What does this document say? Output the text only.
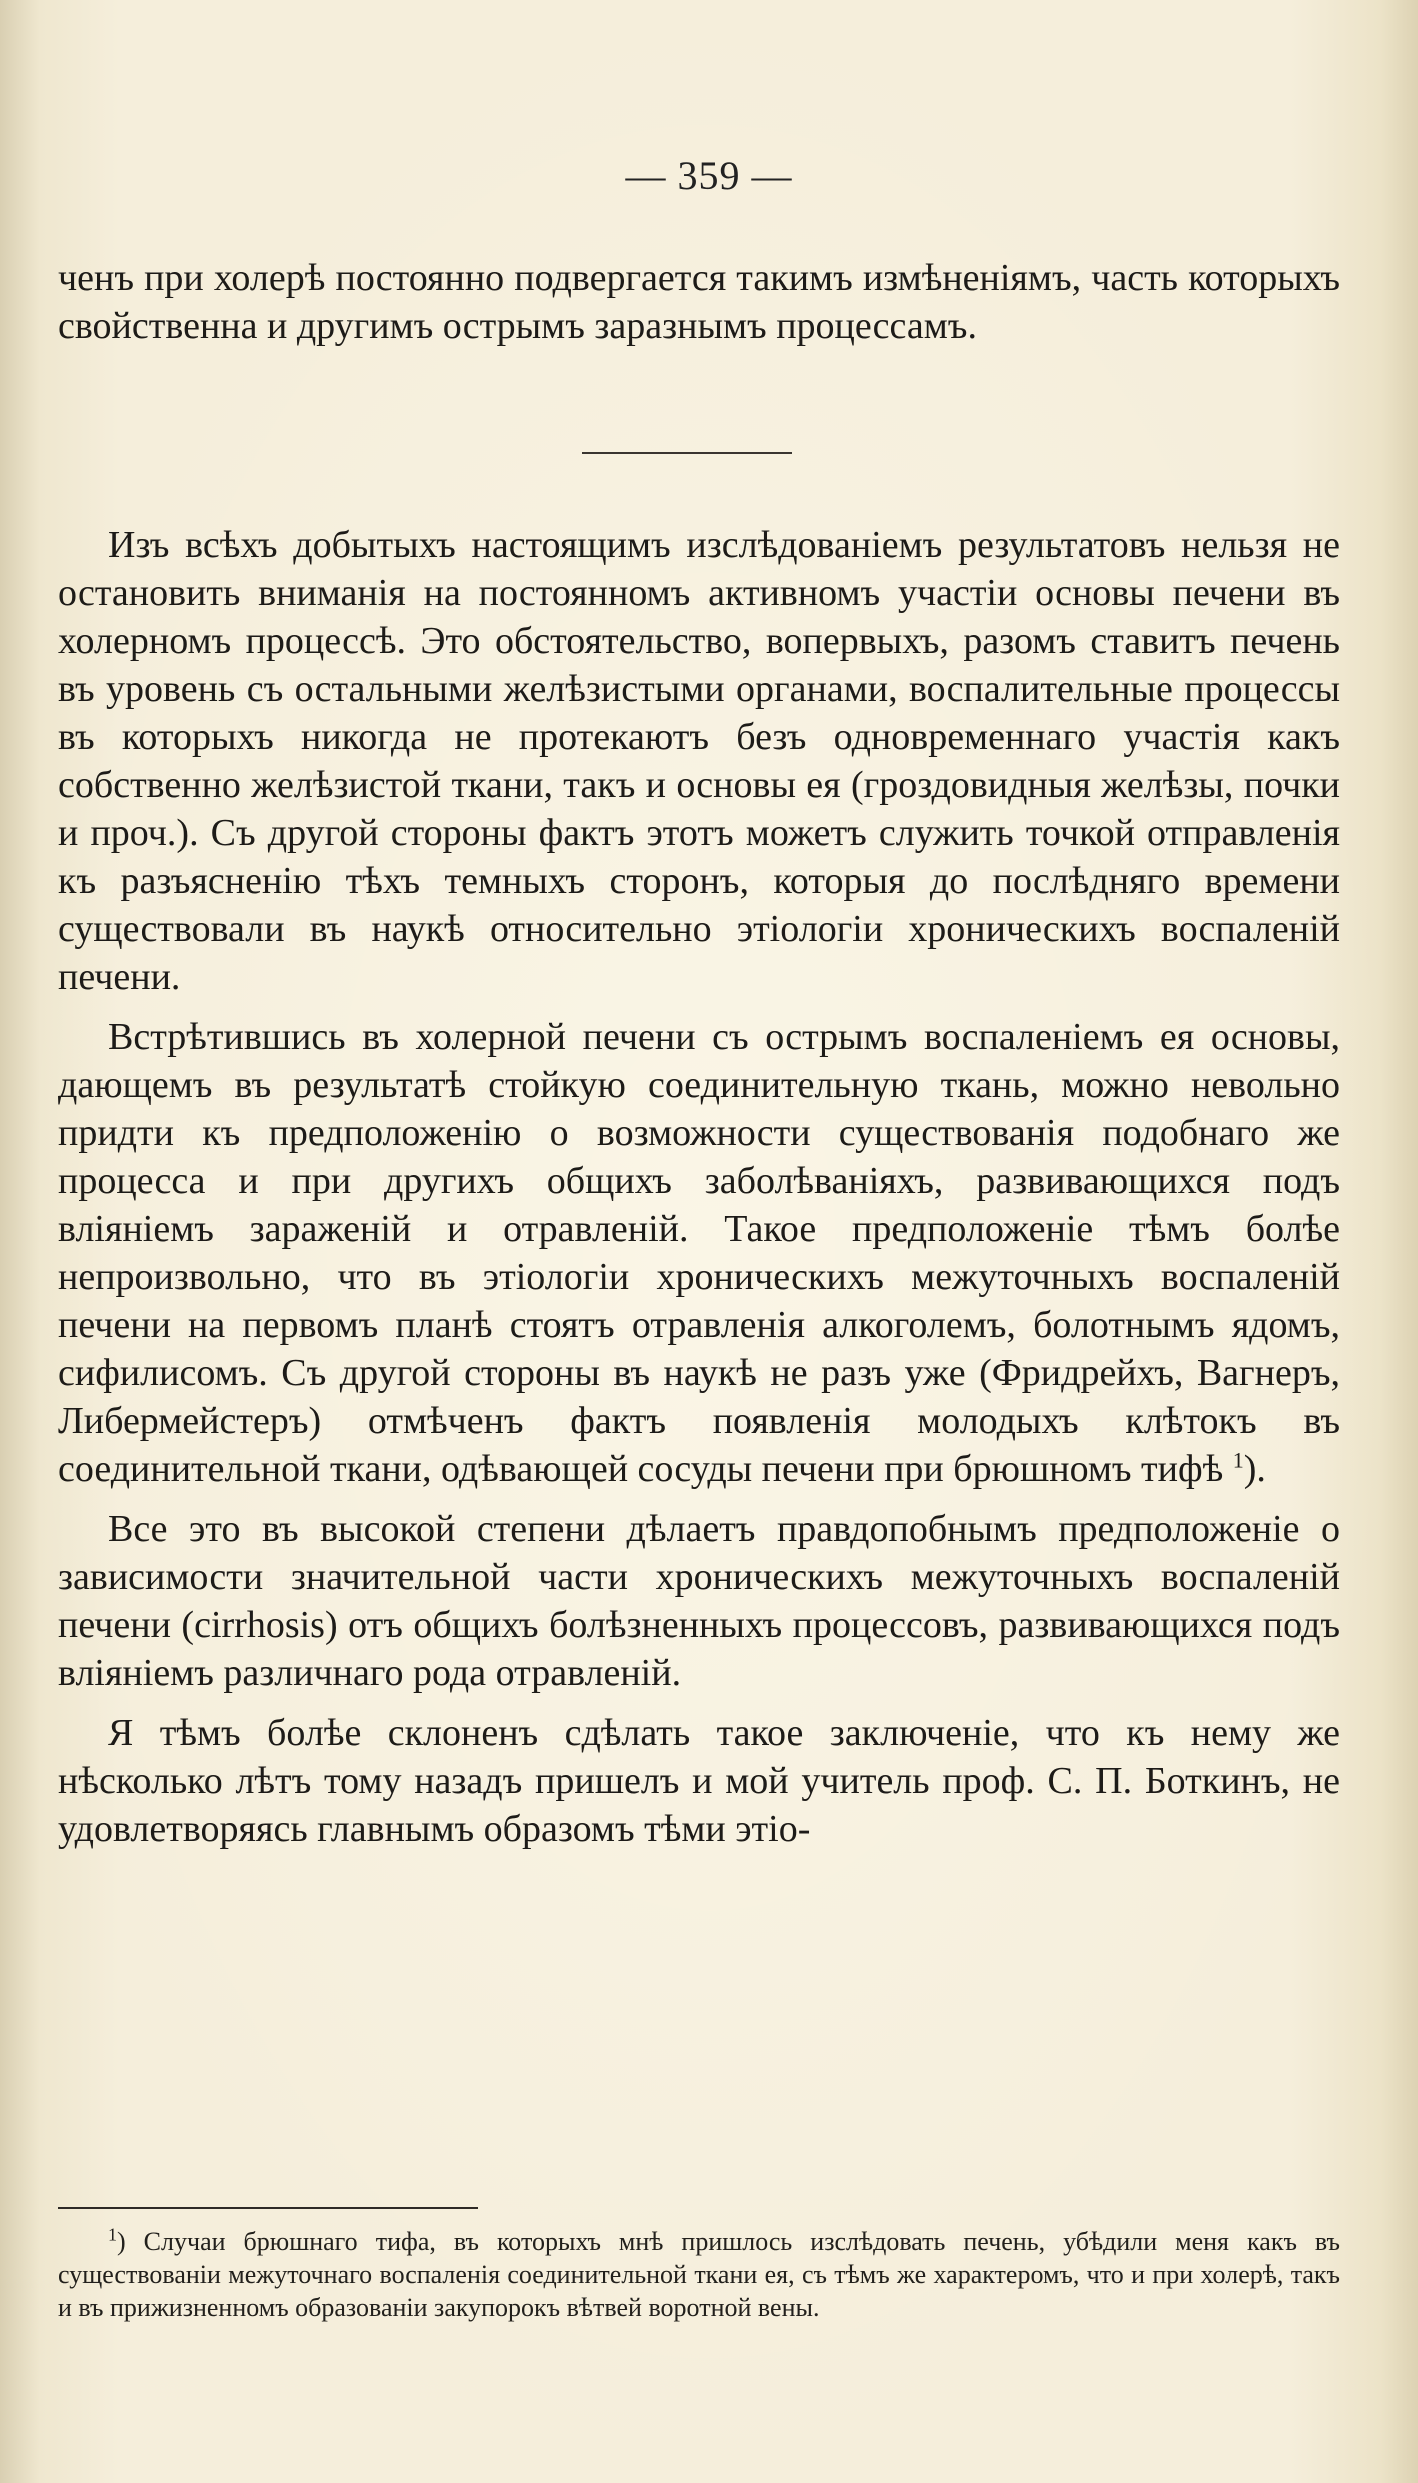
— 359 —

ченъ при холерѣ постоянно подвергается такимъ измѣненіямъ, часть которыхъ свойственна и другимъ острымъ заразнымъ процессамъ.

Изъ всѣхъ добытыхъ настоящимъ изслѣдованіемъ результатовъ нельзя не остановить вниманія на постоянномъ активномъ участіи основы печени въ холерномъ процессѣ. Это обстоятельство, вопервыхъ, разомъ ставитъ печень въ уровень съ остальными желѣзистыми органами, воспалительные процессы въ которыхъ никогда не протекаютъ безъ одновременнаго участія какъ собственно желѣзистой ткани, такъ и основы ея (гроздовидныя желѣзы, почки и проч.). Съ другой стороны фактъ этотъ можетъ служить точкой отправленія къ разъясненію тѣхъ темныхъ сторонъ, которыя до послѣдняго времени существовали въ наукѣ относительно этіологіи хроническихъ воспаленій печени.

Встрѣтившись въ холерной печени съ острымъ воспаленіемъ ея основы, дающемъ въ результатѣ стойкую соединительную ткань, можно невольно придти къ предположенію о возможности существованія подобнаго же процесса и при другихъ общихъ заболѣваніяхъ, развивающихся подъ вліяніемъ зараженій и отравленій. Такое предположеніе тѣмъ болѣе непроизвольно, что въ этіологіи хроническихъ межуточныхъ воспаленій печени на первомъ планѣ стоятъ отравленія алкоголемъ, болотнымъ ядомъ, сифилисомъ. Съ другой стороны въ наукѣ не разъ уже (Фридрейхъ, Вагнеръ, Либермейстеръ) отмѣченъ фактъ появленія молодыхъ клѣтокъ въ соединительной ткани, одѣвающей сосуды печени при брюшномъ тифѣ $^1$).

Все это въ высокой степени дѣлаетъ правдопобнымъ предположеніе о зависимости значительной части хроническихъ межуточныхъ воспаленій печени (cirrhosis) отъ общихъ болѣзненныхъ процессовъ, развивающихся подъ вліяніемъ различнаго рода отравленій.

Я тѣмъ болѣе склоненъ сдѣлать такое заключеніе, что къ нему же нѣсколько лѣтъ тому назадъ пришелъ и мой учитель проф. С. П. Боткинъ, не удовлетворяясь главнымъ образомъ тѣми этіо-

$^1$) Случаи брюшнаго тифа, въ которыхъ мнѣ пришлось изслѣдовать печень, убѣдили меня какъ въ существованіи межуточнаго воспаленія соединительной ткани ея, съ тѣмъ же характеромъ, что и при холерѣ, такъ и въ прижизненномъ образованіи закупорокъ вѣтвей воротной вены.
